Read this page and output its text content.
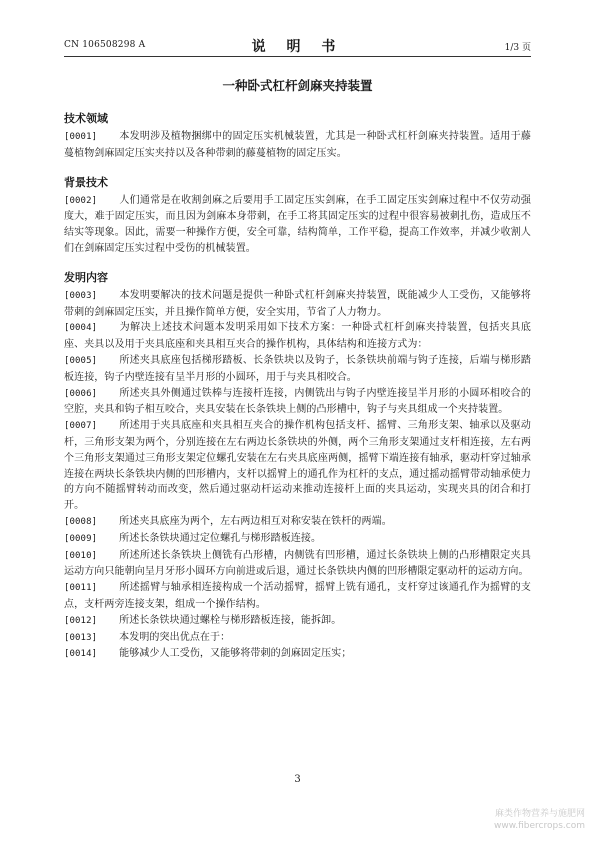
CN 106508298 A	说 明 书	1/3 页
一种卧式杠杆剑麻夹持装置
技术领域

[0001] 本发明涉及植物捆绑中的固定压实机械装置，尤其是一种卧式杠杆剑麻夹持装置。适用于藤蔓植物剑麻固定压实夹持以及各种带刺的藤蔓植物的固定压实。

背景技术

[0002] 人们通常是在收割剑麻之后要用手工固定压实剑麻，在手工固定压实剑麻过程中不仅劳动强度大，难于固定压实，而且因为剑麻本身带刺，在手工将其固定压实的过程中很容易被刺扎伤，造成压不结实等现象。因此，需要一种操作方便，安全可靠，结构简单，工作平稳，提高工作效率，并减少收割人们在剑麻固定压实过程中受伤的机械装置。

发明内容

[0003] 本发明要解决的技术问题是提供一种卧式杠杆剑麻夹持装置，既能减少人工受伤，又能够将带刺的剑麻固定压实，并且操作简单方便，安全实用，节省了人力物力。

[0004] 为解决上述技术问题本发明采用如下技术方案：一种卧式杠杆剑麻夹持装置，包括夹具底座、夹具以及用于夹具底座和夹具相互夹合的操作机构，具体结构和连接方式为：

[0005] 所述夹具底座包括梯形踏板、长条铁块以及钩子，长条铁块前端与钩子连接，后端与梯形踏板连接，钩子内壁连接有呈半月形的小圆环，用于与夹具相咬合。

[0006] 所述夹具外侧通过铁棒与连接杆连接，内侧铣出与钩子内壁连接呈半月形的小圆环相咬合的空腔，夹具和钩子相互咬合，夹具安装在长条铁块上侧的凸形槽中，钩子与夹具组成一个夹持装置。

[0007] 所述用于夹具底座和夹具相互夹合的操作机构包括支杆、摇臂、三角形支架、轴承以及驱动杆，三角形支架为两个，分别连接在左右两边长条铁块的外侧，两个三角形支架通过支杆相连接，左右两个三角形支架通过三角形支架定位螺孔安装在左右夹具底座两侧，摇臂下端连接有轴承，驱动杆穿过轴承连接在两块长条铁块内侧的凹形槽内，支杆以摇臂上的通孔作为杠杆的支点，通过摇动摇臂带动轴承使力的方向不随摇臂转动而改变，然后通过驱动杆运动来推动连接杆上面的夹具运动，实现夹具的闭合和打开。

[0008] 所述夹具底座为两个，左右两边相互对称安装在铁杆的两端。

[0009] 所述长条铁块通过定位螺孔与梯形踏板连接。

[0010] 所述所述长条铁块上侧铣有凸形槽，内侧铣有凹形槽，通过长条铁块上侧的凸形槽限定夹具运动方向只能朝向呈月牙形小圆环方向前进或后退，通过长条铁块内侧的凹形槽限定驱动杆的运动方向。

[0011] 所述摇臂与轴承相连接构成一个活动摇臂，摇臂上铣有通孔，支杆穿过该通孔作为摇臂的支点，支杆两旁连接支架，组成一个操作结构。

[0012] 所述长条铁块通过螺栓与梯形踏板连接，能拆卸。

[0013] 本发明的突出优点在于：

[0014] 能够减少人工受伤，又能够将带刺的剑麻固定压实；

3
麻类作物营养与施肥网
www.fibercrops.com
